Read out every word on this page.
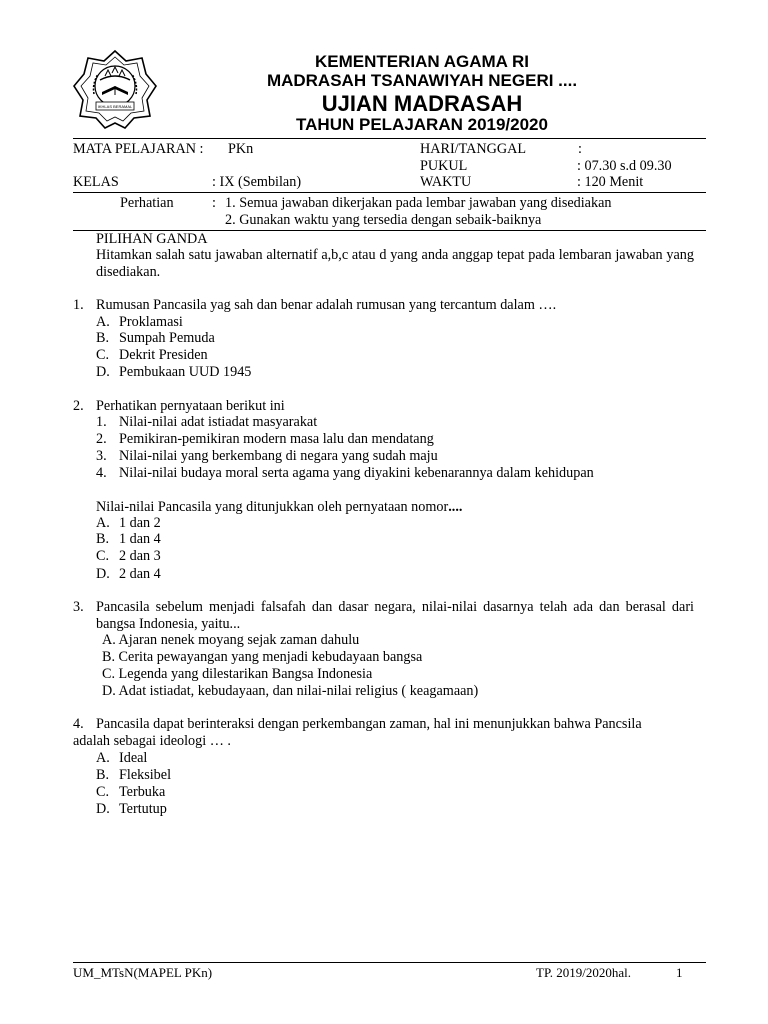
IKHLAS BERAMAL
KEMENTERIAN AGAMA RI
MADRASAH TSANAWIYAH NEGERI ....
UJIAN MADRASAH
TAHUN PELAJARAN 2019/2020
MATA PELAJARAN : PKn	HARI/TANGGAL	:
PUKUL	: 07.30 s.d 09.30
KELAS	: IX (Sembilan)	WAKTU	: 120 Menit
Perhatian	: 1. Semua jawaban dikerjakan pada lembar jawaban yang disediakan
2. Gunakan waktu yang tersedia dengan sebaik-baiknya
PILIHAN GANDA
Hitamkan salah satu jawaban alternatif a,b,c atau d yang anda anggap tepat pada lembaran jawaban yang disediakan.
1. Rumusan Pancasila yag sah dan benar adalah rumusan yang tercantum dalam ….
A. Proklamasi
B. Sumpah Pemuda
C. Dekrit Presiden
D. Pembukaan UUD 1945
2. Perhatikan pernyataan berikut ini
1. Nilai-nilai adat istiadat masyarakat
2. Pemikiran-pemikiran modern masa lalu dan mendatang
3. Nilai-nilai yang berkembang di negara yang sudah maju
4. Nilai-nilai budaya moral serta agama yang diyakini kebenarannya dalam kehidupan
Nilai-nilai Pancasila yang ditunjukkan oleh pernyataan nomor....
A. 1 dan 2
B. 1 dan 4
C. 2 dan 3
D. 2 dan 4
3. Pancasila sebelum menjadi falsafah dan dasar negara, nilai-nilai dasarnya telah ada dan berasal dari bangsa Indonesia, yaitu...
A. Ajaran nenek moyang sejak zaman dahulu
B. Cerita pewayangan yang menjadi kebudayaan bangsa
C. Legenda yang dilestarikan Bangsa Indonesia
D. Adat istiadat, kebudayaan, dan nilai-nilai religius ( keagamaan)
4. Pancasila dapat berinteraksi dengan perkembangan zaman, hal ini menunjukkan bahwa Pancsila
adalah sebagai ideologi … .
A. Ideal
B. Fleksibel
C. Terbuka
D. Tertutup
UM_MTsN(MAPEL PKn)	TP. 2019/2020hal.	1
